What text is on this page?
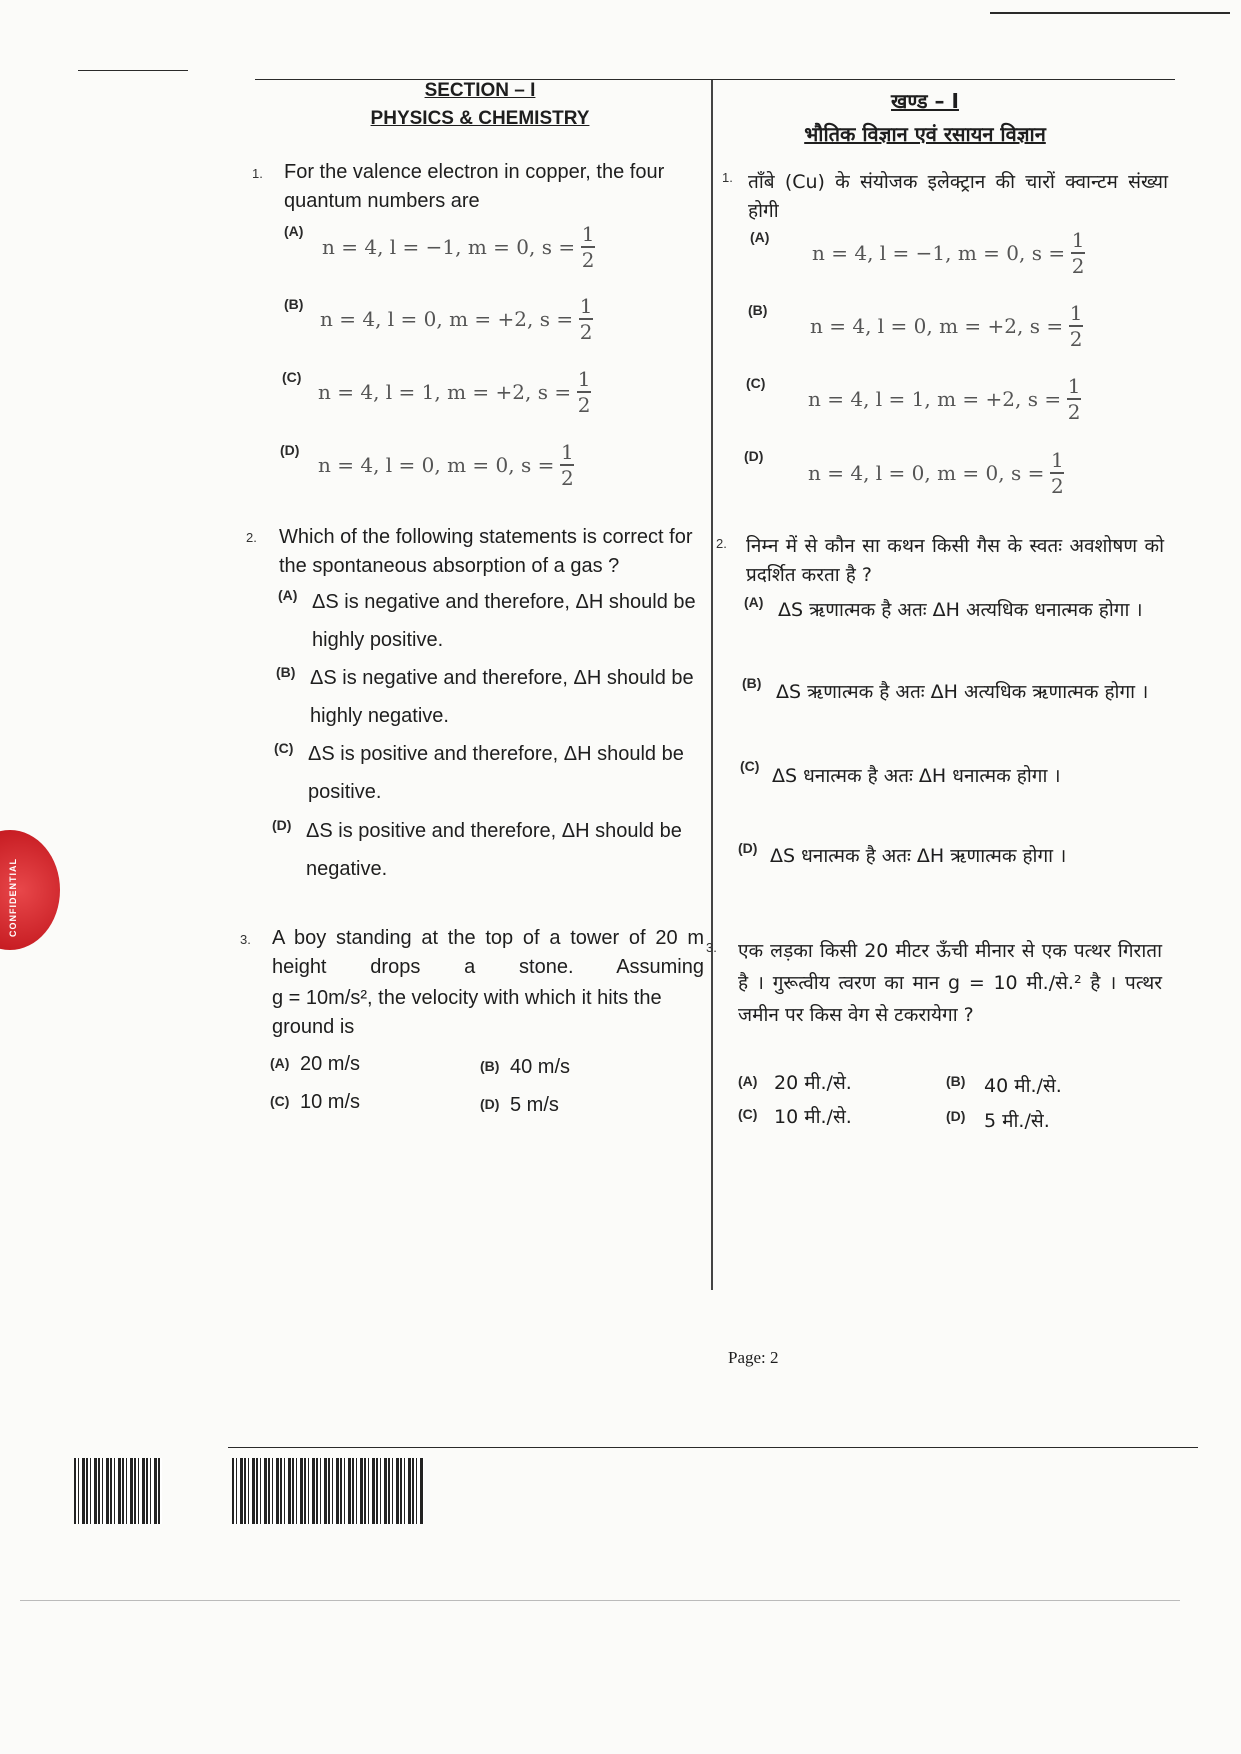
SECTION – I
PHYSICS & CHEMISTRY
खण्ड – I
भौतिक विज्ञान एवं रसायन विज्ञान
1. For the valence electron in copper, the four quantum numbers are
(A)
n = 4, l = −1, m = 0, $s = \frac{1}{2}$
(B)
n = 4, l = 0, m = +2, $s = \frac{1}{2}$
(C)
n = 4, l = 1, m = +2, $s = \frac{1}{2}$
(D)
n = 4, l = 0, m = 0, $s = \frac{1}{2}$
2. Which of the following statements is correct for the spontaneous absorption of a gas ?
(A) ΔS is negative and therefore, ΔH should be highly positive.
(B) ΔS is negative and therefore, ΔH should be highly negative.
(C) ΔS is positive and therefore, ΔH should be positive.
(D) ΔS is positive and therefore, ΔH should be negative.
3. A boy standing at the top of a tower of 20 m height drops a stone. Assuming
g = 10m/s², the velocity with which it hits the ground is
(A) 20 m/s	(B) 40 m/s
(C) 10 m/s	(D) 5 m/s
1. ताँबे (Cu) के संयोजक इलेक्ट्रान की चारों क्वान्टम संख्या होगी
(A)
n = 4, l = −1, m = 0, $s = \frac{1}{2}$
(B)
n = 4, l = 0, m = +2, $s = \frac{1}{2}$
(C)
n = 4, l = 1, m = +2, $s = \frac{1}{2}$
(D)
n = 4, l = 0, m = 0, $s = \frac{1}{2}$
2. निम्न में से कौन सा कथन किसी गैस के स्वतः अवशोषण को प्रदर्शित करता है ?
(A) ΔS ऋणात्मक है अतः ΔH अत्यधिक धनात्मक होगा ।
(B) ΔS ऋणात्मक है अतः ΔH अत्यधिक ऋणात्मक होगा ।
(C) ΔS धनात्मक है अतः ΔH धनात्मक होगा ।
(D) ΔS धनात्मक है अतः ΔH ऋणात्मक होगा ।
3. एक लड़का किसी 20 मीटर ऊँची मीनार से एक पत्थर गिराता है । गुरूत्वीय त्वरण का मान g = 10 मी./से.² है । पत्थर जमीन पर किस वेग से टकरायेगा ?
(A) 20 मी./से.	(B) 40 मी./से.
(C) 10 मी./से.	(D) 5 मी./से.
Page: 2
CONFIDENTIAL
